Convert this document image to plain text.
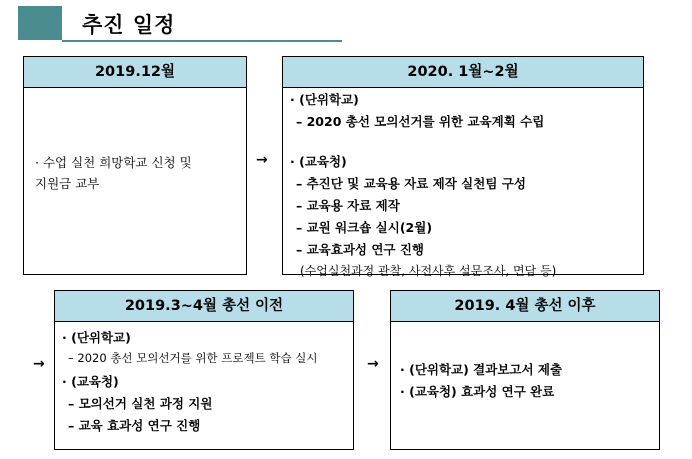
추진 일정
2019.12월
· 수업 실천 희망학교 신청 및
지원금 교부
→
2020. 1월~2월
· (단위학교)
– 2020 총선 모의선거를 위한 교육계획 수립
· (교육청)
– 추진단 및 교육용 자료 제작 실천팀 구성
– 교육용 자료 제작
– 교원 워크숍 실시(2월)
– 교육효과성 연구 진행
(수업실천과정 관찰, 사전사후 설문조사, 면담 등)
2019.3~4월 총선 이전
· (단위학교)
– 2020 총선 모의선거를 위한 프로젝트 학습 실시
· (교육청)
– 모의선거 실천 과정 지원
– 교육 효과성 연구 진행
→	→
2019. 4월 총선 이후
· (단위학교) 결과보고서 제출
· (교육청) 효과성 연구 완료
